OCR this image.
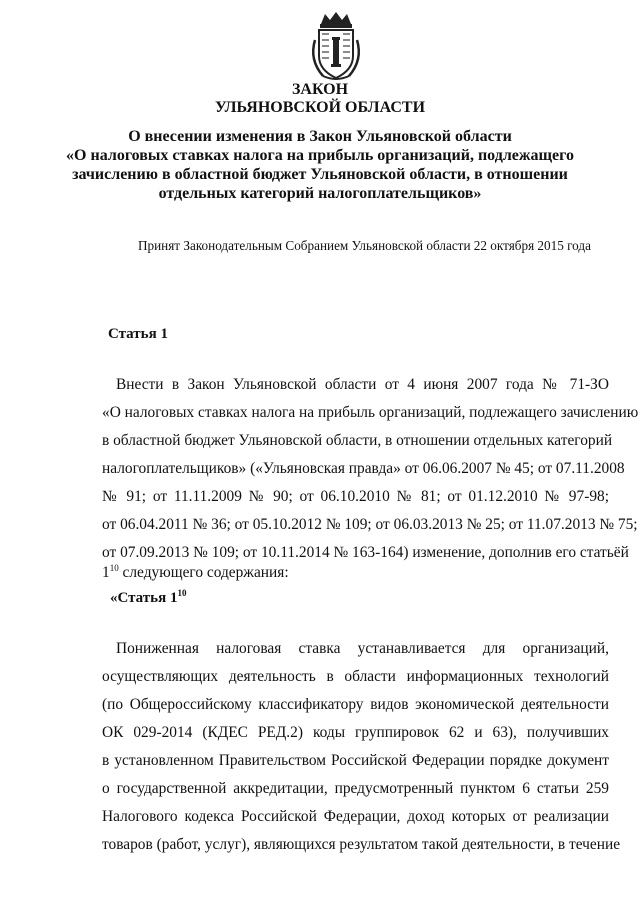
ЗАКОН
УЛЬЯНОВСКОЙ ОБЛАСТИ
О внесении изменения в Закон Ульяновской области
«О налоговых ставках налога на прибыль организаций, подлежащего
зачислению в областной бюджет Ульяновской области, в отношении
отдельных категорий налогоплательщиков»
Принят Законодательным Собранием Ульяновской области 22 октября 2015 года
Статья 1
Внести в Закон Ульяновской области от 4 июня 2007 года № 71-ЗО
«О налоговых ставках налога на прибыль организаций, подлежащего зачислению
в областной бюджет Ульяновской области, в отношении отдельных категорий
налогоплательщиков» («Ульяновская правда» от 06.06.2007 № 45; от 07.11.2008
№ 91; от 11.11.2009 № 90; от 06.10.2010 № 81; от 01.12.2010 № 97-98;
от 06.04.2011 № 36; от 05.10.2012 № 109; от 06.03.2013 № 25; от 11.07.2013 № 75;
от 07.09.2013 № 109; от 10.11.2014 № 163-164) изменение, дополнив его статьёй
$1^{10}$ следующего содержания:
«Статья $1^{10}$
Пониженная налоговая ставка устанавливается для организаций,
осуществляющих деятельность в области информационных технологий
(по Общероссийскому классификатору видов экономической деятельности
ОК 029-2014 (КДЕС РЕД.2) коды группировок 62 и 63), получивших
в установленном Правительством Российской Федерации порядке документ
о государственной аккредитации, предусмотренный пунктом 6 статьи 259
Налогового кодекса Российской Федерации, доход которых от реализации
товаров (работ, услуг), являющихся результатом такой деятельности, в течение
